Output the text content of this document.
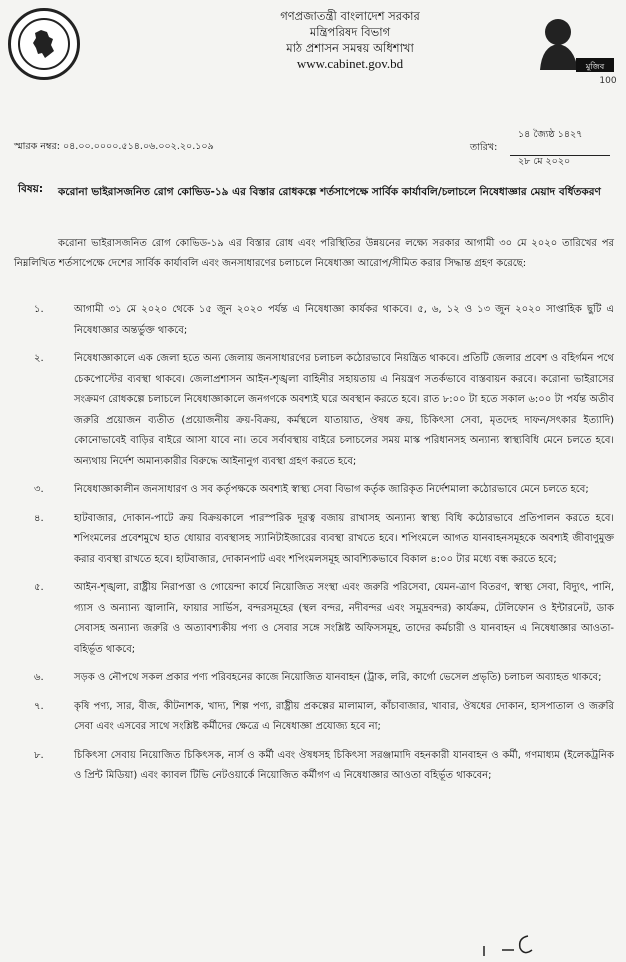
গণপ্রজাতন্ত্রী বাংলাদেশ সরকার
মন্ত্রিপরিষদ বিভাগ
মাঠ প্রশাসন সমন্বয় অধিশাখা
www.cabinet.gov.bd	মুজিব
100
স্মারক নম্বর: ০৪.০০.০০০০.৫১৪.০৬.০০২.২০.১০৯
১৪ জ্যৈষ্ঠ ১৪২৭
তারিখ:
২৮ মে ২০২০
বিষয়: করোনা ভাইরাসজনিত রোগ কোভিড-১৯ এর বিস্তার রোধকল্পে শর্তসাপেক্ষে সার্বিক কার্যাবলি/চলাচলে নিষেধাজ্ঞার মেয়াদ বর্ধিতকরণ
করোনা ভাইরাসজনিত রোগ কোভিড-১৯ এর বিস্তার রোধ এবং পরিস্থিতির উন্নয়নের লক্ষ্যে সরকার আগামী ৩০ মে ২০২০ তারিখের পর নিম্নলিখিত শর্তসাপেক্ষে দেশের সার্বিক কার্যাবলি এবং জনসাধারণের চলাচলে নিষেধাজ্ঞা আরোপ/সীমিত করার সিদ্ধান্ত গ্রহণ করেছে:
১.	আগামী ৩১ মে ২০২০ থেকে ১৫ জুন ২০২০ পর্যন্ত এ নিষেধাজ্ঞা কার্যকর থাকবে। ৫, ৬, ১২ ও ১৩ জুন ২০২০ সাপ্তাহিক ছুটি এ নিষেধাজ্ঞার অন্তর্ভুক্ত থাকবে;
২.	নিষেধাজ্ঞাকালে এক জেলা হতে অন্য জেলায় জনসাধারণের চলাচল কঠোরভাবে নিয়ন্ত্রিত থাকবে। প্রতিটি জেলার প্রবেশ ও বহির্গমন পথে চেকপোস্টের ব্যবস্থা থাকবে। জেলাপ্রশাসন আইন-শৃঙ্খলা বাহিনীর সহায়তায় এ নিয়ন্ত্রণ সতর্কভাবে বাস্তবায়ন করবে। করোনা ভাইরাসের সংক্রমণ রোধকল্পে চলাচলে নিষেধাজ্ঞাকালে জনগণকে অবশ্যই ঘরে অবস্থান করতে হবে। রাত ৮:০০ টা হতে সকাল ৬:০০ টা পর্যন্ত অতীব জরুরি প্রয়োজন ব্যতীত (প্রয়োজনীয় ক্রয়-বিক্রয়, কর্মস্থলে যাতায়াত, ঔষধ ক্রয়, চিকিৎসা সেবা, মৃতদেহ দাফন/সৎকার ইত্যাদি) কোনোভাবেই বাড়ির বাইরে আসা যাবে না। তবে সর্বাবস্থায় বাইরে চলাচলের সময় মাস্ক পরিধানসহ অন্যান্য স্বাস্থ্যবিধি মেনে চলতে হবে। অন্যথায় নির্দেশ অমান্যকারীর বিরুদ্ধে আইনানুগ ব্যবস্থা গ্রহণ করতে হবে;
৩.	নিষেধাজ্ঞাকালীন জনসাধারণ ও সব কর্তৃপক্ষকে অবশ্যই স্বাস্থ্য সেবা বিভাগ কর্তৃক জারিকৃত নির্দেশমালা কঠোরভাবে মেনে চলতে হবে;
৪.	হাটবাজার, দোকান-পাটে ক্রয় বিক্রয়কালে পারস্পরিক দূরত্ব বজায় রাখাসহ অন্যান্য স্বাস্থ্য বিধি কঠোরভাবে প্রতিপালন করতে হবে। শপিংমলের প্রবেশমুখে হাত ধোয়ার ব্যবস্থাসহ স্যানিটাইজারের ব্যবস্থা রাখতে হবে। শপিংমলে আগত যানবাহনসমূহকে অবশ্যই জীবাণুমুক্ত করার ব্যবস্থা রাখতে হবে। হাটবাজার, দোকানপাট এবং শপিংমলসমূহ আবশ্যিকভাবে বিকাল ৪:০০ টার মধ্যে বন্ধ করতে হবে;
৫.	আইন-শৃঙ্খলা, রাষ্ট্রীয় নিরাপত্তা ও গোয়েন্দা কার্যে নিয়োজিত সংস্থা এবং জরুরি পরিসেবা, যেমন-ত্রাণ বিতরণ, স্বাস্থ্য সেবা, বিদ্যুৎ, পানি, গ্যাস ও অন্যান্য জ্বালানি, ফায়ার সার্ভিস, বন্দরসমূহের (স্থল বন্দর, নদীবন্দর এবং সমুদ্রবন্দর) কার্যক্রম, টেলিফোন ও ইন্টারনেট, ডাক সেবাসহ অন্যান্য জরুরি ও অত্যাবশ্যকীয় পণ্য ও সেবার সঙ্গে সংশ্লিষ্ট অফিসসমূহ, তাদের কর্মচারী ও যানবাহন এ নিষেধাজ্ঞার আওতা-বহির্ভূত থাকবে;
৬.	সড়ক ও নৌপথে সকল প্রকার পণ্য পরিবহনের কাজে নিয়োজিত যানবাহন (ট্রাক, লরি, কার্গো ভেসেল প্রভৃতি) চলাচল অব্যাহত থাকবে;
৭.	কৃষি পণ্য, সার, বীজ, কীটনাশক, খাদ্য, শিল্প পণ্য, রাষ্ট্রীয় প্রকল্পের মালামাল, কাঁচাবাজার, খাবার, ঔষধের দোকান, হাসপাতাল ও জরুরি সেবা এবং এসবের সাথে সংশ্লিষ্ট কর্মীদের ক্ষেত্রে এ নিষেধাজ্ঞা প্রযোজ্য হবে না;
৮.	চিকিৎসা সেবায় নিয়োজিত চিকিৎসক, নার্স ও কর্মী এবং ঔষধসহ চিকিৎসা সরঞ্জামাদি বহনকারী যানবাহন ও কর্মী, গণমাধ্যম (ইলেকট্রনিক ও প্রিন্ট মিডিয়া) এবং ক্যাবল টিভি নেটওয়ার্কে নিয়োজিত কর্মীগণ এ নিষেধাজ্ঞার আওতা বহির্ভূত থাকবেন;
